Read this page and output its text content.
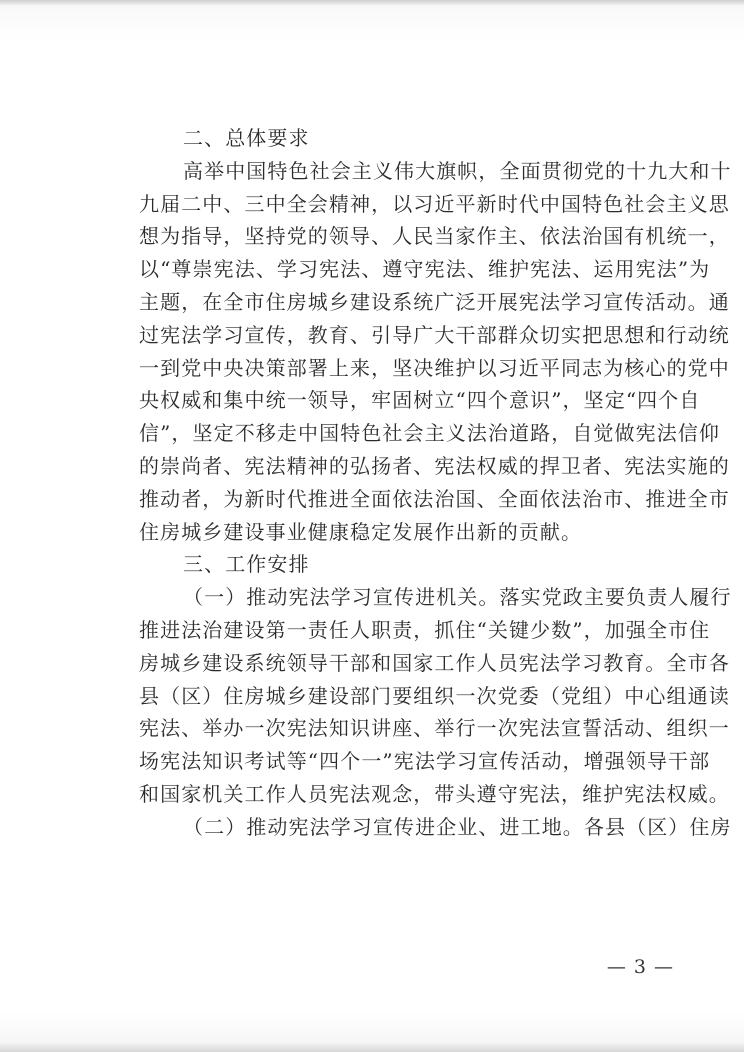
二、总体要求
高举中国特色社会主义伟大旗帜，全面贯彻党的十九大和十
九届二中、三中全会精神，以习近平新时代中国特色社会主义思
想为指导，坚持党的领导、人民当家作主、依法治国有机统一，
以“尊崇宪法、学习宪法、遵守宪法、维护宪法、运用宪法”为
主题，在全市住房城乡建设系统广泛开展宪法学习宣传活动。通
过宪法学习宣传，教育、引导广大干部群众切实把思想和行动统
一到党中央决策部署上来，坚决维护以习近平同志为核心的党中
央权威和集中统一领导，牢固树立“四个意识”，坚定“四个自
信”，坚定不移走中国特色社会主义法治道路，自觉做宪法信仰
的崇尚者、宪法精神的弘扬者、宪法权威的捍卫者、宪法实施的
推动者，为新时代推进全面依法治国、全面依法治市、推进全市
住房城乡建设事业健康稳定发展作出新的贡献。
三、工作安排
（一）推动宪法学习宣传进机关。落实党政主要负责人履行
推进法治建设第一责任人职责，抓住“关键少数”，加强全市住
房城乡建设系统领导干部和国家工作人员宪法学习教育。全市各
县（区）住房城乡建设部门要组织一次党委（党组）中心组通读
宪法、举办一次宪法知识讲座、举行一次宪法宣誓活动、组织一
场宪法知识考试等“四个一”宪法学习宣传活动，增强领导干部
和国家机关工作人员宪法观念，带头遵守宪法，维护宪法权威。
（二）推动宪法学习宣传进企业、进工地。各县（区）住房
— 3 —
